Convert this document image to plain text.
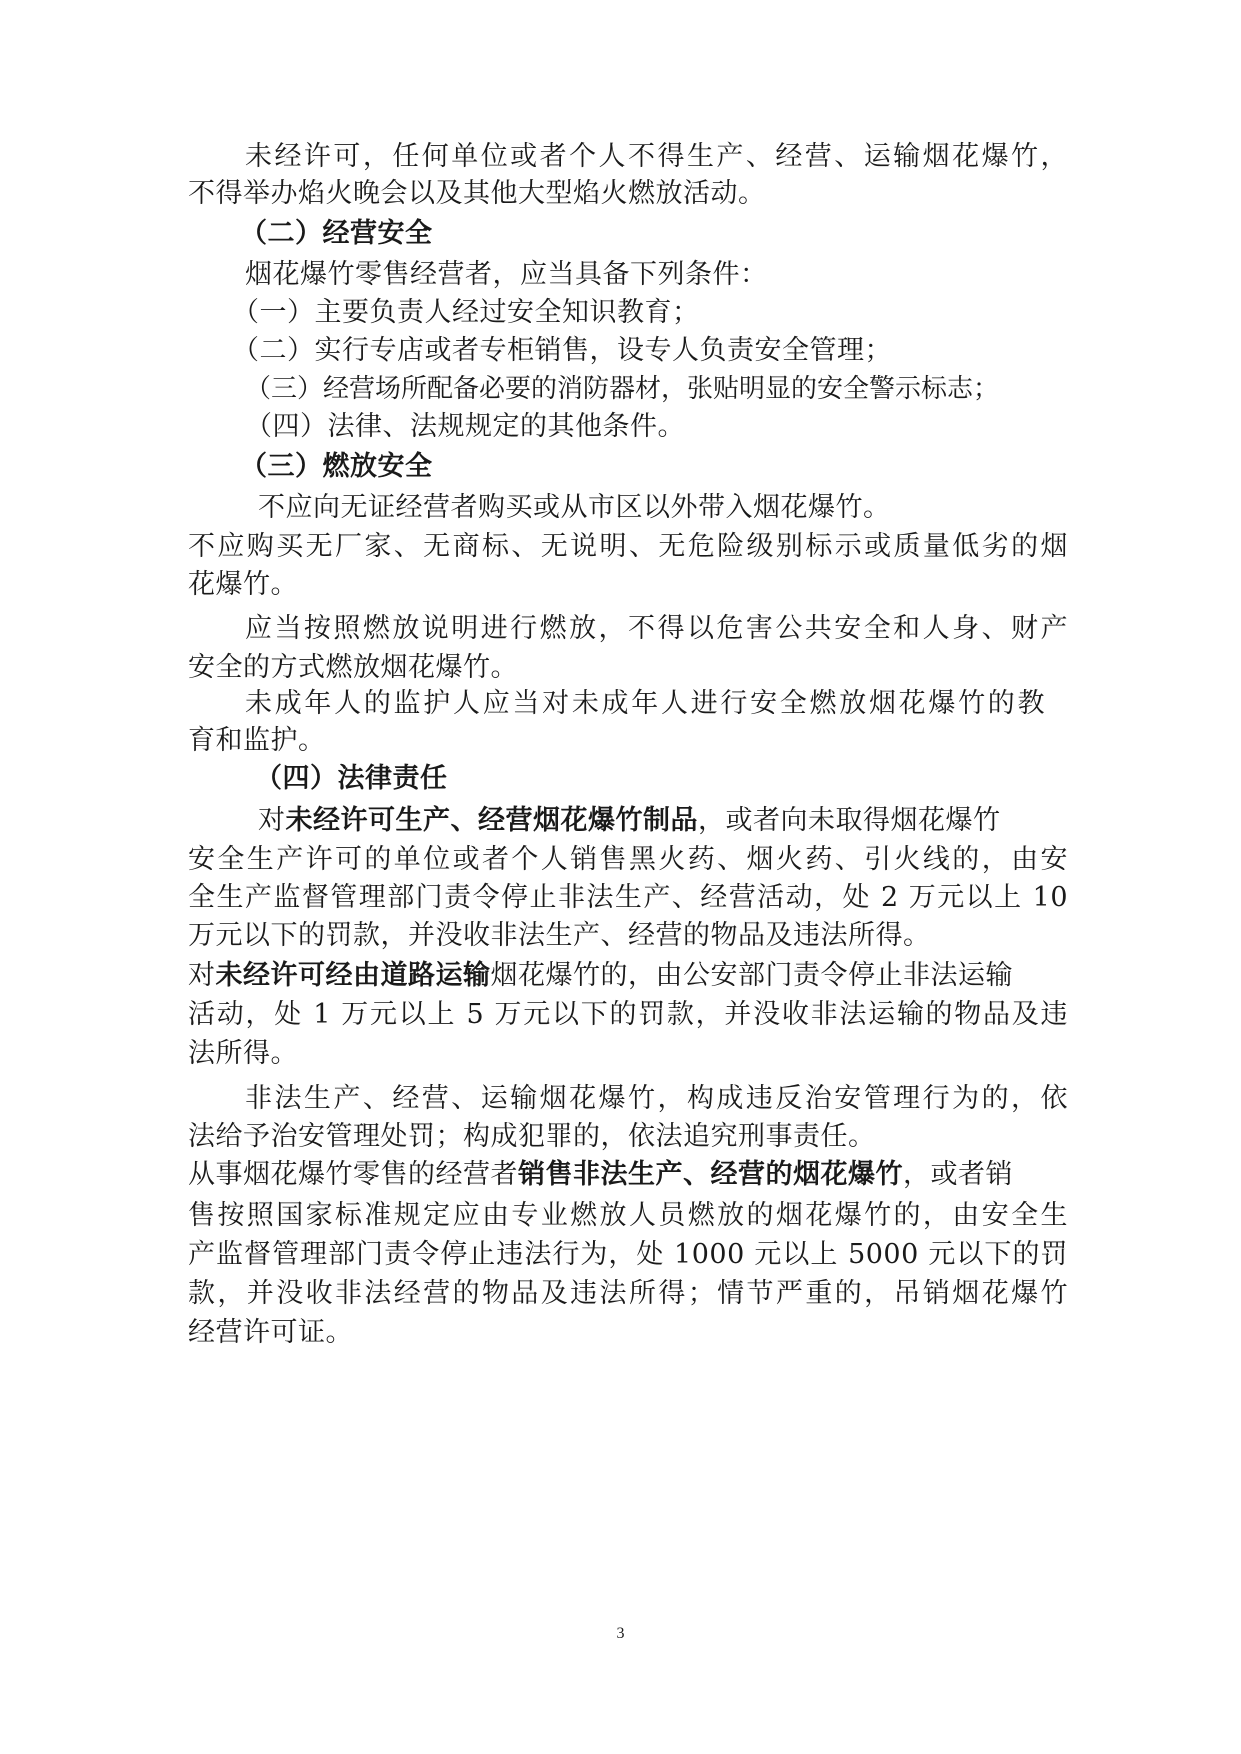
未经许可，任何单位或者个人不得生产、经营、运输烟花爆竹，

不得举办焰火晚会以及其他大型焰火燃放活动。

（二）经营安全

烟花爆竹零售经营者，应当具备下列条件：

（一）主要负责人经过安全知识教育；

（二）实行专店或者专柜销售，设专人负责安全管理；

（三）经营场所配备必要的消防器材，张贴明显的安全警示标志；

（四）法律、法规规定的其他条件。

（三）燃放安全

不应向无证经营者购买或从市区以外带入烟花爆竹。

不应购买无厂家、无商标、无说明、无危险级别标示或质量低劣的烟

花爆竹。

应当按照燃放说明进行燃放，不得以危害公共安全和人身、财产

安全的方式燃放烟花爆竹。

未成年人的监护人应当对未成年人进行安全燃放烟花爆竹的教

育和监护。

（四）法律责任

对未经许可生产、经营烟花爆竹制品，或者向未取得烟花爆竹

安全生产许可的单位或者个人销售黑火药、烟火药、引火线的，由安

全生产监督管理部门责令停止非法生产、经营活动，处 2 万元以上 10

万元以下的罚款，并没收非法生产、经营的物品及违法所得。

对未经许可经由道路运输烟花爆竹的，由公安部门责令停止非法运输

活动，处 1 万元以上 5 万元以下的罚款，并没收非法运输的物品及违

法所得。

非法生产、经营、运输烟花爆竹，构成违反治安管理行为的，依

法给予治安管理处罚；构成犯罪的，依法追究刑事责任。

从事烟花爆竹零售的经营者销售非法生产、经营的烟花爆竹，或者销

售按照国家标准规定应由专业燃放人员燃放的烟花爆竹的，由安全生

产监督管理部门责令停止违法行为，处 1000 元以上 5000 元以下的罚

款，并没收非法经营的物品及违法所得；情节严重的，吊销烟花爆竹

经营许可证。

3
